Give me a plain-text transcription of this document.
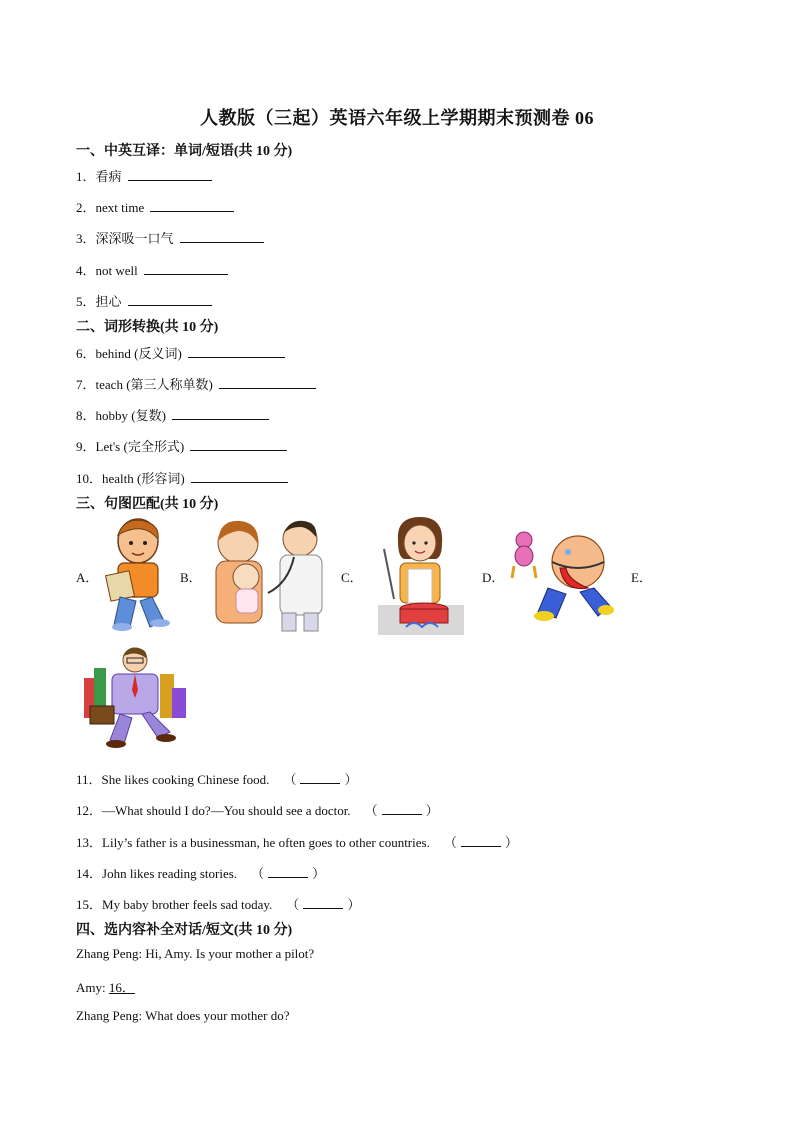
人教版（三起）英语六年级上学期期末预测卷 06
一、中英互译：单词/短语(共 10 分)
1．看病
2．next time
3．深深吸一口气
4．not well
5．担心
二、词形转换(共 10 分)
6．behind (反义词)
7．teach (第三人称单数)
8．hobby (复数)
9．Let's (完全形式)
10．health (形容词)
三、句图匹配(共 10 分)
A．	B．	C．	D．	E．
11．She likes cooking Chinese food. （	）
12．—What should I do?—You should see a doctor. （	）
13．Lily’s father is a businessman, he often goes to other countries. （	）
14．John likes reading stories. （	）
15．My baby brother feels sad today. （	）
四、选内容补全对话/短文(共 10 分)
Zhang Peng: Hi, Amy. Is your mother a pilot?
Amy: 16．
Zhang Peng: What does your mother do?
